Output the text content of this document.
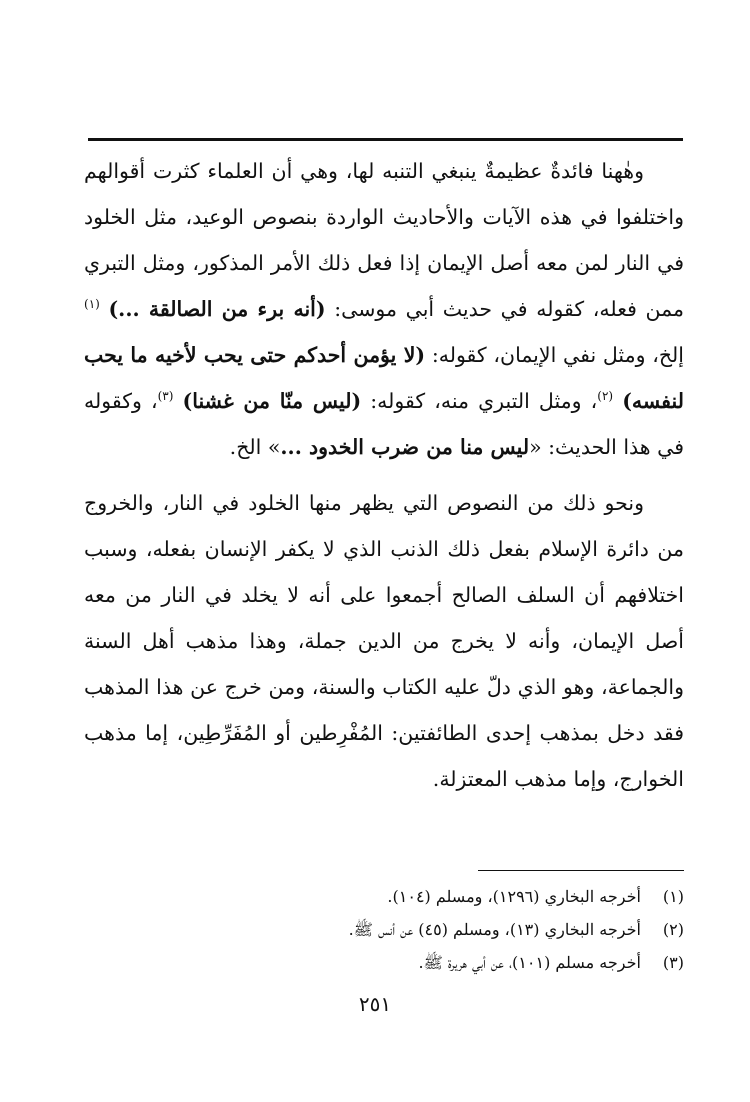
وهٰهنا فائدةٌ عظيمةٌ ينبغي التنبه لها، وهي أن العلماء كثرت أقوالهم واختلفوا في هذه الآيات والأحاديث الواردة بنصوص الوعيد، مثل الخلود في النار لمن معه أصل الإيمان إذا فعل ذلك الأمر المذكور، ومثل التبري ممن فعله، كقوله في حديث أبي موسى: (أنه برء من الصالقة ...) $^{(١)}$ إلخ، ومثل نفي الإيمان، كقوله: (لا يؤمن أحدكم حتى يحب لأخيه ما يحب لنفسه) $^{(٢)}$، ومثل التبري منه، كقوله: (ليس منّا من غشنا) $^{(٣)}$، وكقوله في هذا الحديث: «ليس منا من ضرب الخدود ...» الخ.

ونحو ذلك من النصوص التي يظهر منها الخلود في النار، والخروج من دائرة الإسلام بفعل ذلك الذنب الذي لا يكفر الإنسان بفعله، وسبب اختلافهم أن السلف الصالح أجمعوا على أنه لا يخلد في النار من معه أصل الإيمان، وأنه لا يخرج من الدين جملة، وهذا مذهب أهل السنة والجماعة، وهو الذي دلّ عليه الكتاب والسنة، ومن خرج عن هذا المذهب فقد دخل بمذهب إحدى الطائفتين: المُفْرِطين أو المُفَرِّطِين، إما مذهب الخوارج، وإما مذهب المعتزلة.

(١) أخرجه البخاري (١٢٩٦)، ومسلم (١٠٤).
(٢) أخرجه البخاري (١٣)، ومسلم (٤٥) عن أنس ﷺ.
(٣) أخرجه مسلم (١٠١)، عن أبي هريرة ﷺ.
٢٥١
